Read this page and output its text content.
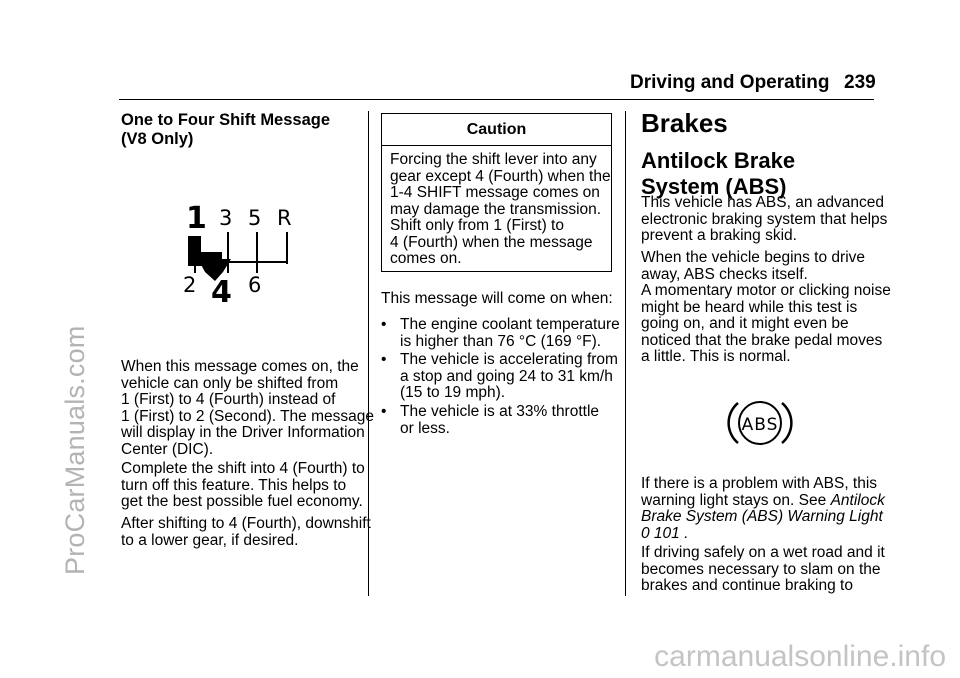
ProCarManuals.com
carmanualsonline.info
Driving and Operating 239
One to Four Shift Message
(V8 Only)
1 3 5 R
2 4 6
When this message comes on, the
vehicle can only be shifted from
1 (First) to 4 (Fourth) instead of
1 (First) to 2 (Second). The message
will display in the Driver Information
Center (DIC).
Complete the shift into 4 (Fourth) to
turn off this feature. This helps to
get the best possible fuel economy.
After shifting to 4 (Fourth), downshift
to a lower gear, if desired.
Caution
Forcing the shift lever into any
gear except 4 (Fourth) when the
1-4 SHIFT message comes on
may damage the transmission.
Shift only from 1 (First) to
4 (Fourth) when the message
comes on.
This message will come on when:
• The engine coolant temperature
is higher than 76 °C (169 °F).
• The vehicle is accelerating from
a stop and going 24 to 31 km/h
(15 to 19 mph).
• The vehicle is at 33% throttle
or less.
Brakes
Antilock Brake
System (ABS)
This vehicle has ABS, an advanced
electronic braking system that helps
prevent a braking skid.
When the vehicle begins to drive
away, ABS checks itself.
A momentary motor or clicking noise
might be heard while this test is
going on, and it might even be
noticed that the brake pedal moves
a little. This is normal.
ABS
If there is a problem with ABS, this
warning light stays on. See Antilock
Brake System (ABS) Warning Light
0 101 .
If driving safely on a wet road and it
becomes necessary to slam on the
brakes and continue braking to
